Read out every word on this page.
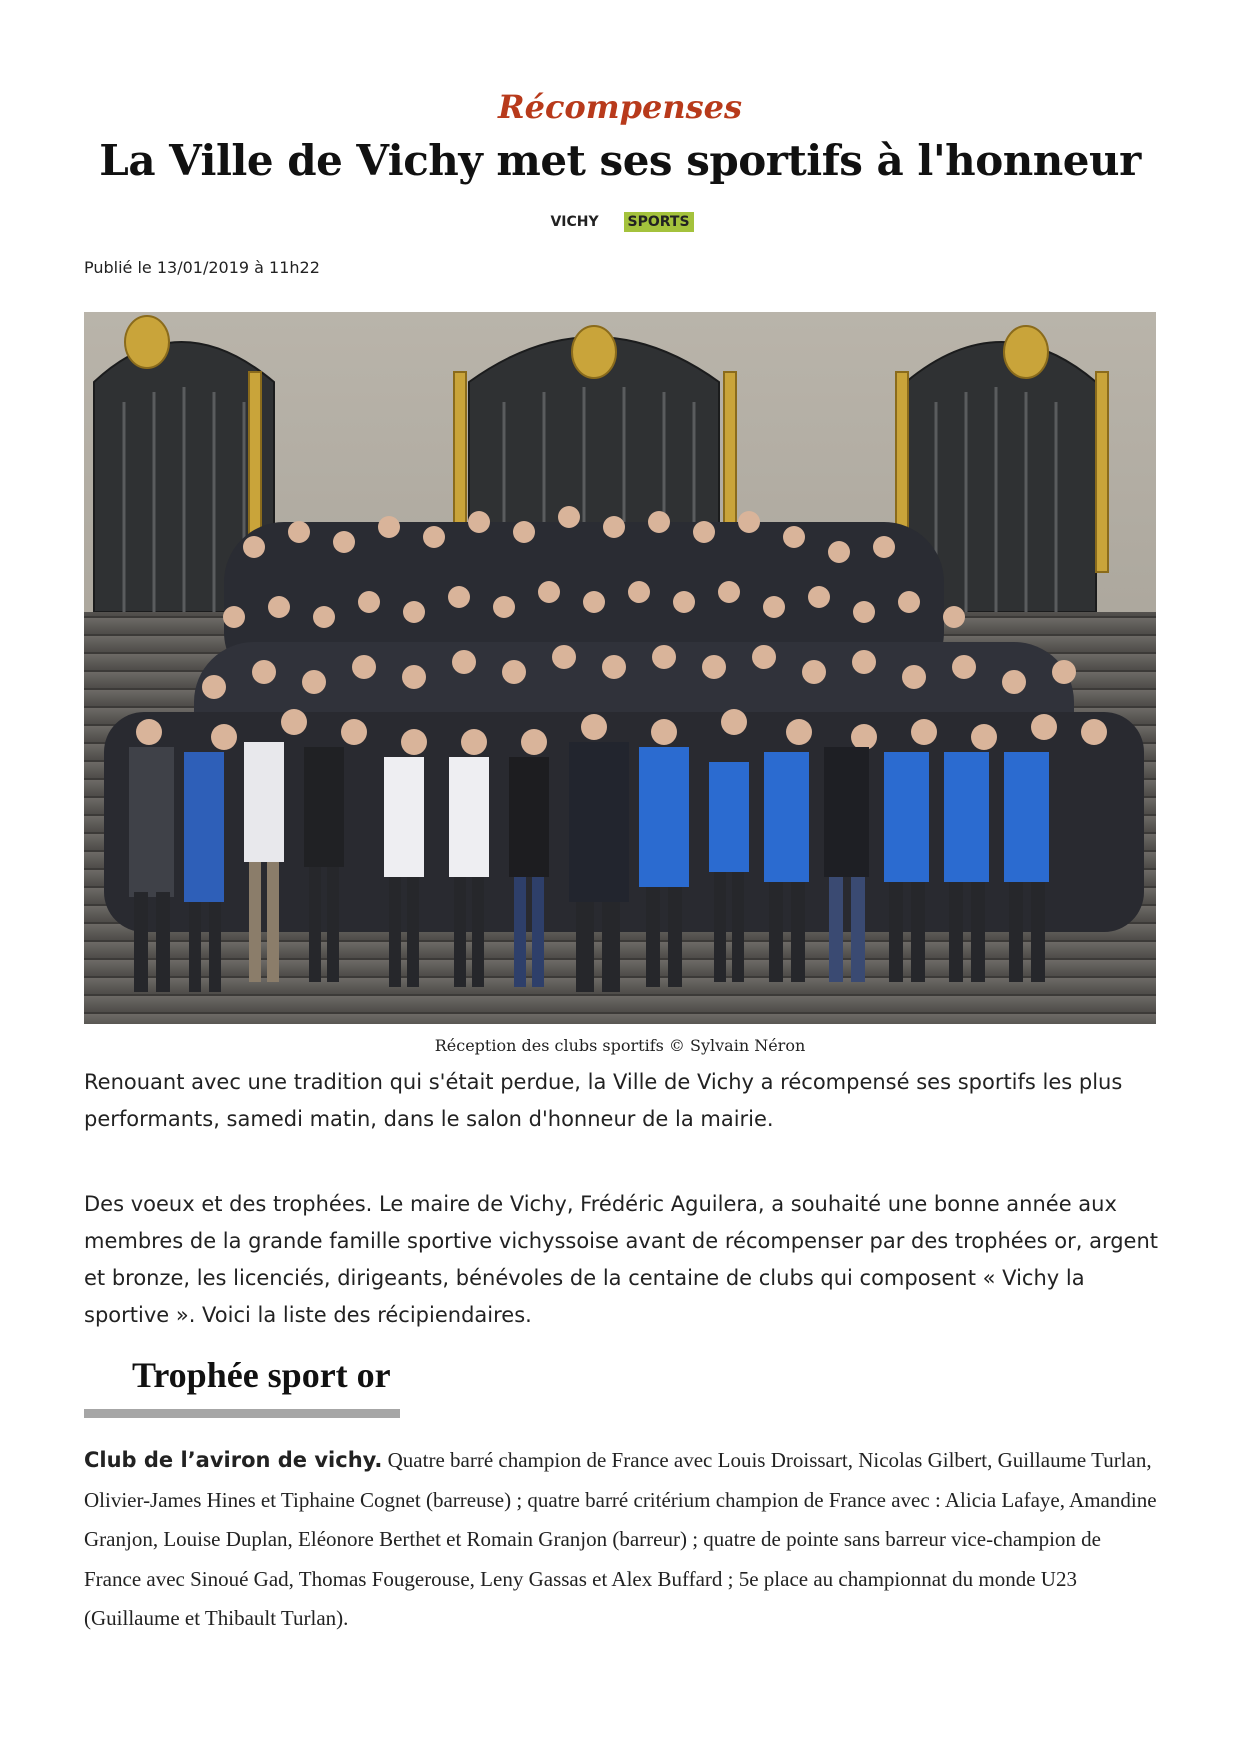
Récompenses
La Ville de Vichy met ses sportifs à l'honneur
VICHY SPORTS
Publié le 13/01/2019 à 11h22
Réception des clubs sportifs © Sylvain Néron
Renouant avec une tradition qui s'était perdue, la Ville de Vichy a récompensé ses sportifs les plus performants, samedi matin, dans le salon d'honneur de la mairie.
Des voeux et des trophées. Le maire de Vichy, Frédéric Aguilera, a souhaité une bonne année aux membres de la grande famille sportive vichyssoise avant de récompenser par des trophées or, argent et bronze, les licenciés, dirigeants, bénévoles de la centaine de clubs qui composent « Vichy la sportive ». Voici la liste des récipiendaires.
Trophée sport or
Club de l’aviron de vichy. Quatre barré champion de France avec Louis Droissart, Nicolas Gilbert, Guillaume Turlan, Olivier-James Hines et Tiphaine Cognet (barreuse) ; quatre barré critérium champion de France avec : Alicia Lafaye, Amandine Granjon, Louise Duplan, Eléonore Berthet et Romain Granjon (barreur) ; quatre de pointe sans barreur vice-champion de France avec Sinoué Gad, Thomas Fougerouse, Leny Gassas et Alex Buffard ; 5e place au championnat du monde U23 (Guillaume et Thibault Turlan).
